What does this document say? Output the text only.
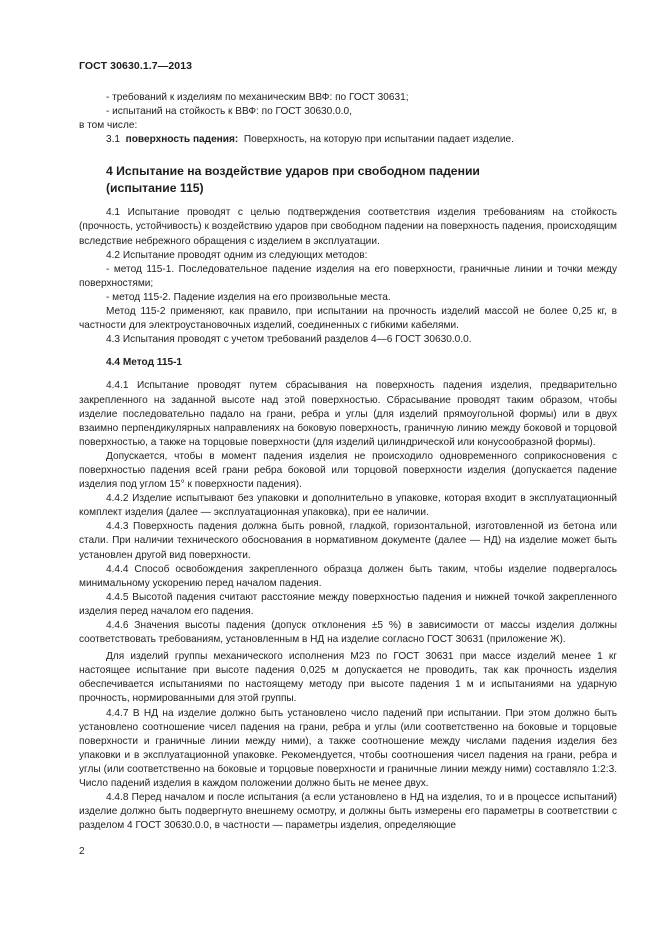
ГОСТ 30630.1.7—2013

- требований к изделиям по механическим ВВФ: по ГОСТ 30631;

- испытаний на стойкость к ВВФ: по ГОСТ 30630.0.0,

в том числе:

3.1 поверхность падения: Поверхность, на которую при испытании падает изделие.

4 Испытание на воздействие ударов при свободном падении
(испытание 115)

4.1 Испытание проводят с целью подтверждения соответствия изделия требованиям на стойкость (прочность, устойчивость) к воздействию ударов при свободном падении на поверхность падения, происходящим вследствие небрежного обращения с изделием в эксплуатации.

4.2 Испытание проводят одним из следующих методов:

- метод 115-1. Последовательное падение изделия на его поверхности, граничные линии и точки между поверхностями;

- метод 115-2. Падение изделия на его произвольные места.

Метод 115-2 применяют, как правило, при испытании на прочность изделий массой не более 0,25 кг, в частности для электроустановочных изделий, соединенных с гибкими кабелями.

4.3 Испытания проводят с учетом требований разделов 4—6 ГОСТ 30630.0.0.

4.4 Метод 115-1

4.4.1 Испытание проводят путем сбрасывания на поверхность падения изделия, предварительно закрепленного на заданной высоте над этой поверхностью. Сбрасывание проводят таким образом, чтобы изделие последовательно падало на грани, ребра и углы (для изделий прямоугольной формы) или в двух взаимно перпендикулярных направлениях на боковую поверхность, граничную линию между боковой и торцовой поверхностью, а также на торцовые поверхности (для изделий цилиндрической или конусообразной формы).

Допускается, чтобы в момент падения изделия не происходило одновременного соприкосновения с поверхностью падения всей грани ребра боковой или торцовой поверхности изделия (допускается падение изделия под углом 15° к поверхности падения).

4.4.2 Изделие испытывают без упаковки и дополнительно в упаковке, которая входит в эксплуатационный комплект изделия (далее — эксплуатационная упаковка), при ее наличии.

4.4.3 Поверхность падения должна быть ровной, гладкой, горизонтальной, изготовленной из бетона или стали. При наличии технического обоснования в нормативном документе (далее — НД) на изделие может быть установлен другой вид поверхности.

4.4.4 Способ освобождения закрепленного образца должен быть таким, чтобы изделие подвергалось минимальному ускорению перед началом падения.

4.4.5 Высотой падения считают расстояние между поверхностью падения и нижней точкой закрепленного изделия перед началом его падения.

4.4.6 Значения высоты падения (допуск отклонения ±5 %) в зависимости от массы изделия должны соответствовать требованиям, установленным в НД на изделие согласно ГОСТ 30631 (приложение Ж).

Для изделий группы механического исполнения М23 по ГОСТ 30631 при массе изделий менее 1 кг настоящее испытание при высоте падения 0,025 м допускается не проводить, так как прочность изделия обеспечивается испытаниями по настоящему методу при высоте падения 1 м и испытаниями на ударную прочность, нормированными для этой группы.

4.4.7 В НД на изделие должно быть установлено число падений при испытании. При этом должно быть установлено соотношение чисел падения на грани, ребра и углы (или соответственно на боковые и торцовые поверхности и граничные линии между ними), а также соотношение между числами падения изделия без упаковки и в эксплуатационной упаковке. Рекомендуется, чтобы соотношения чисел падения на грани, ребра и углы (или соответственно на боковые и торцовые поверхности и граничные линии между ними) составляло 1:2:3. Число падений изделия в каждом положении должно быть не менее двух.

4.4.8 Перед началом и после испытания (а если установлено в НД на изделия, то и в процессе испытаний) изделие должно быть подвергнуто внешнему осмотру, и должны быть измерены его параметры в соответствии с разделом 4 ГОСТ 30630.0.0, в частности — параметры изделия, определяющие

2
